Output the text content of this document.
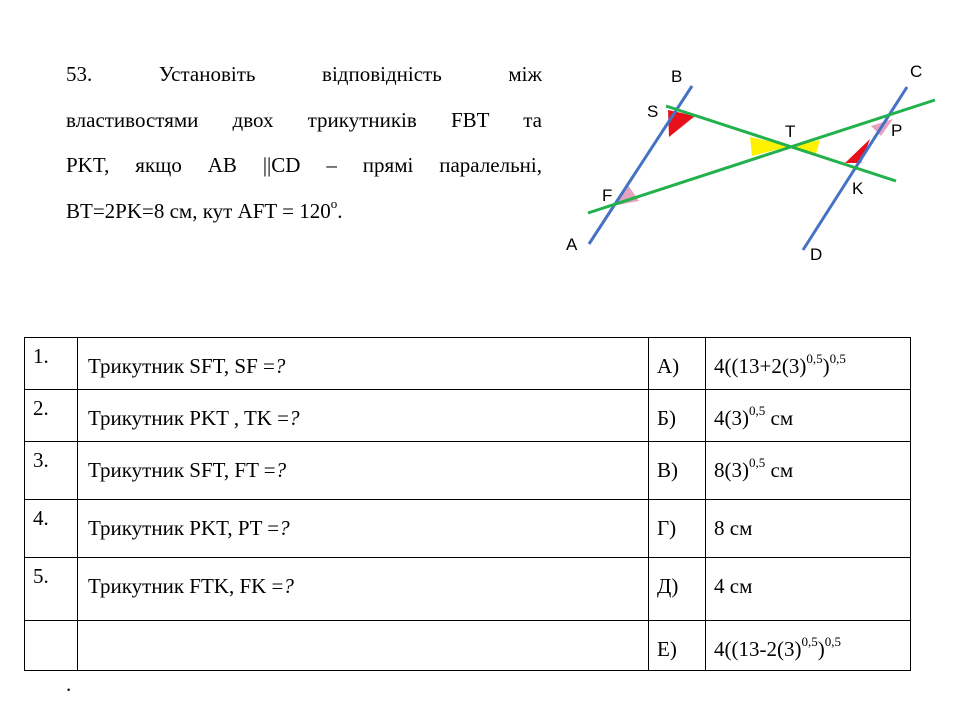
53. Установіть відповідність між
властивостями двох трикутників FBT та
PKT, якщо AB ||CD – прямі паралельні,
BT=2PK=8 см, кут AFT = $120^о$.
A
B	C
D
S
T	P
F	K
1.	Трикутник SFT, SF =?	А)	$4((13+2(3)^{0,5})^{0,5}$
2.	Трикутник PKT , TK =?	Б)	$4(3)^{0,5}$ см
3.	Трикутник SFT, FT =?	В)	$8(3)^{0,5}$ см
4.	Трикутник PKT, PT =?	Г)	8 см
5.	Трикутник FTK, FK =?	Д)	4 см
		Е)	$4((13-2(3)^{0,5})^{0,5}$
.
